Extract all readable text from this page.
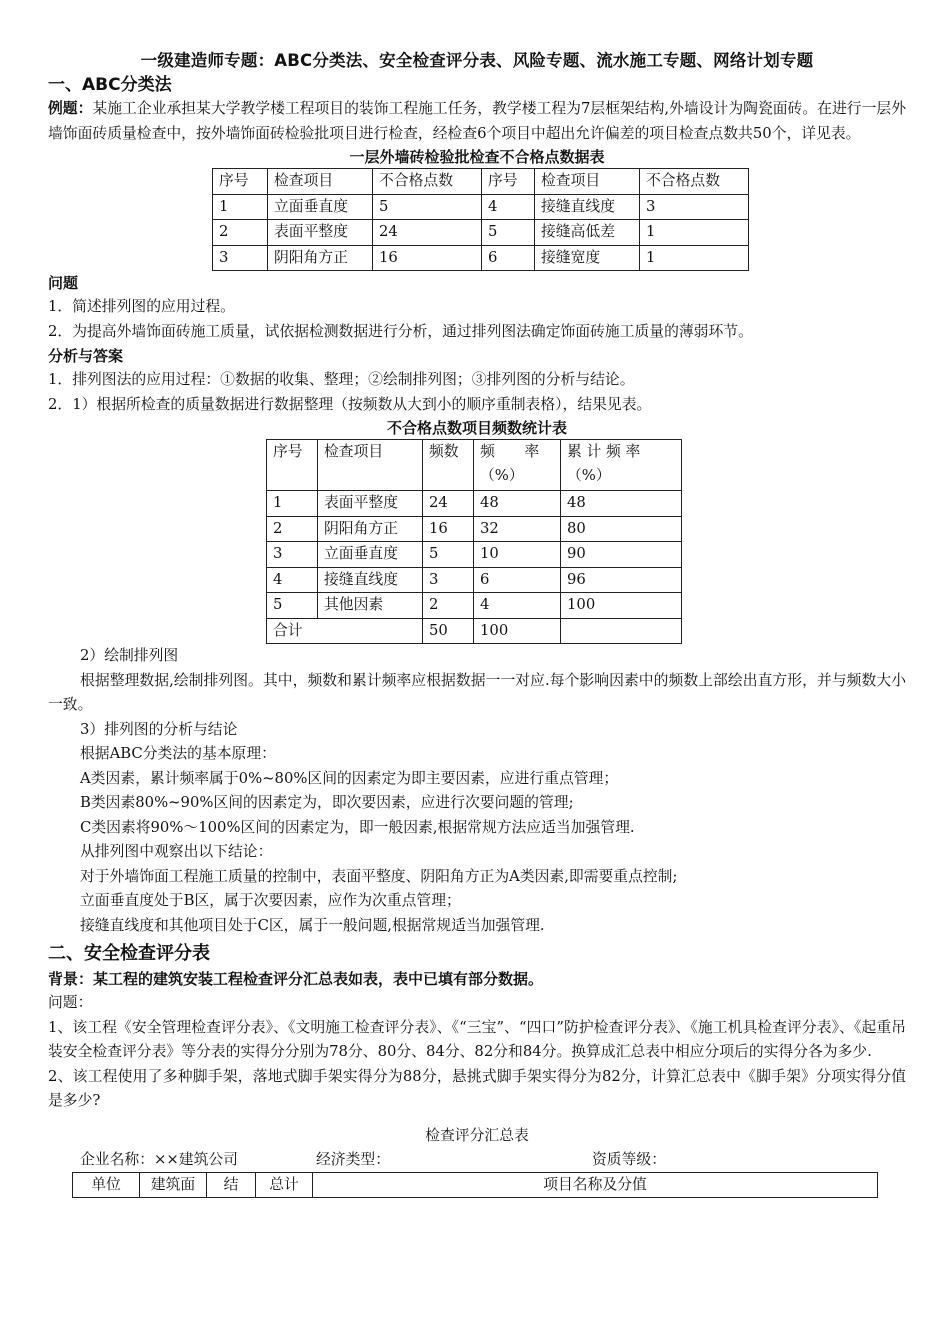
一级建造师专题：ABC分类法、安全检查评分表、风险专题、流水施工专题、网络计划专题
一、ABC分类法
例题：某施工企业承担某大学教学楼工程项目的装饰工程施工任务，教学楼工程为7层框架结构,外墙设计为陶瓷面砖。在进行一层外墙饰面砖质量检查中，按外墙饰面砖检验批项目进行检查，经检查6个项目中超出允许偏差的项目检查点数共50个，详见表。
一层外墙砖检验批检查不合格点数据表
序号	检查项目	不合格点数	序号	检查项目	不合格点数
1	立面垂直度	5	4	接缝直线度	3
2	表面平整度	24	5	接缝高低差	1
3	阴阳角方正	16	6	接缝宽度	1
问题
1．简述排列图的应用过程。
2．为提高外墙饰面砖施工质量，试依据检测数据进行分析，通过排列图法确定饰面砖施工质量的薄弱环节。
分析与答案
1．排列图法的应用过程：①数据的收集、整理；②绘制排列图；③排列图的分析与结论。
2．1）根据所检查的质量数据进行数据整理（按频数从大到小的顺序重制表格），结果见表。
不合格点数项目频数统计表
序号	检查项目	频数	频　　率（%）	累 计 频 率（%）
1	表面平整度	24	48	48
2	阴阳角方正	16	32	80
3	立面垂直度	5	10	90
4	接缝直线度	3	6	96
5	其他因素	2	4	100
合计		50	100	
2）绘制排列图
根据整理数据,绘制排列图。其中，频数和累计频率应根据数据一一对应.每个影响因素中的频数上部绘出直方形，并与频数大小一致。
3）排列图的分析与结论
根据ABC分类法的基本原理：
A类因素，累计频率属于0%~80%区间的因素定为即主要因素，应进行重点管理；
B类因素80%~90%区间的因素定为，即次要因素，应进行次要问题的管理;
C类因素将90%～100%区间的因素定为，即一般因素,根据常规方法应适当加强管理.
从排列图中观察出以下结论：
对于外墙饰面工程施工质量的控制中，表面平整度、阴阳角方正为A类因素,即需要重点控制;
立面垂直度处于B区，属于次要因素，应作为次重点管理；
接缝直线度和其他项目处于C区，属于一般问题,根据常规适当加强管理.
二、安全检查评分表
背景：某工程的建筑安装工程检查评分汇总表如表，表中已填有部分数据。
问题：
1、该工程《安全管理检查评分表》、《文明施工检查评分表》、《“三宝”、“四口”防护检查评分表》、《施工机具检查评分表》、《起重吊装安全检查评分表》等分表的实得分分别为78分、80分、84分、82分和84分。换算成汇总表中相应分项后的实得分各为多少.
2、该工程使用了多种脚手架，落地式脚手架实得分为88分，悬挑式脚手架实得分为82分，计算汇总表中《脚手架》分项实得分值是多少?
检查评分汇总表
企业名称：××建筑公司	经济类型：	资质等级：
单位	建筑面	结	总计	项目名称及分值
